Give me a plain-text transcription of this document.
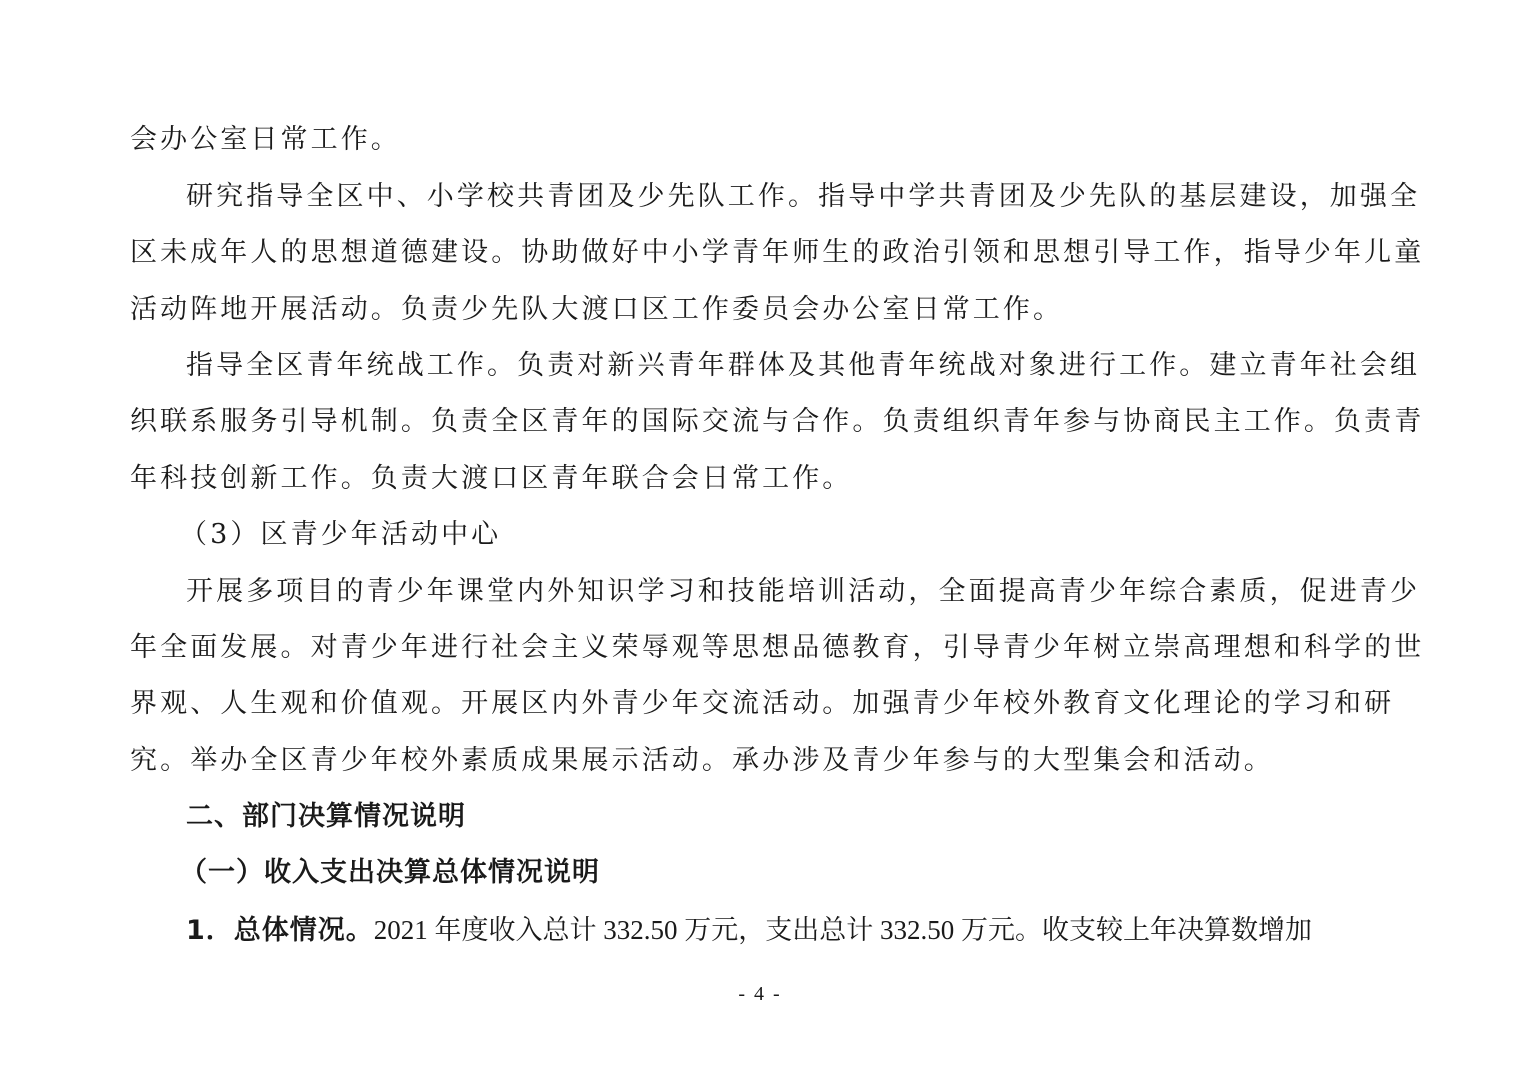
会办公室日常工作。
研究指导全区中、小学校共青团及少先队工作。指导中学共青团及少先队的基层建设，加强全
区未成年人的思想道德建设。协助做好中小学青年师生的政治引领和思想引导工作，指导少年儿童
活动阵地开展活动。负责少先队大渡口区工作委员会办公室日常工作。
指导全区青年统战工作。负责对新兴青年群体及其他青年统战对象进行工作。建立青年社会组
织联系服务引导机制。负责全区青年的国际交流与合作。负责组织青年参与协商民主工作。负责青
年科技创新工作。负责大渡口区青年联合会日常工作。
（3）区青少年活动中心
开展多项目的青少年课堂内外知识学习和技能培训活动，全面提高青少年综合素质，促进青少
年全面发展。对青少年进行社会主义荣辱观等思想品德教育，引导青少年树立崇高理想和科学的世
界观、人生观和价值观。开展区内外青少年交流活动。加强青少年校外教育文化理论的学习和研
究。举办全区青少年校外素质成果展示活动。承办涉及青少年参与的大型集会和活动。
二、部门决算情况说明
（一）收入支出决算总体情况说明
1．总体情况。2021 年度收入总计 332.50 万元，支出总计 332.50 万元。收支较上年决算数增加
- 4 -
